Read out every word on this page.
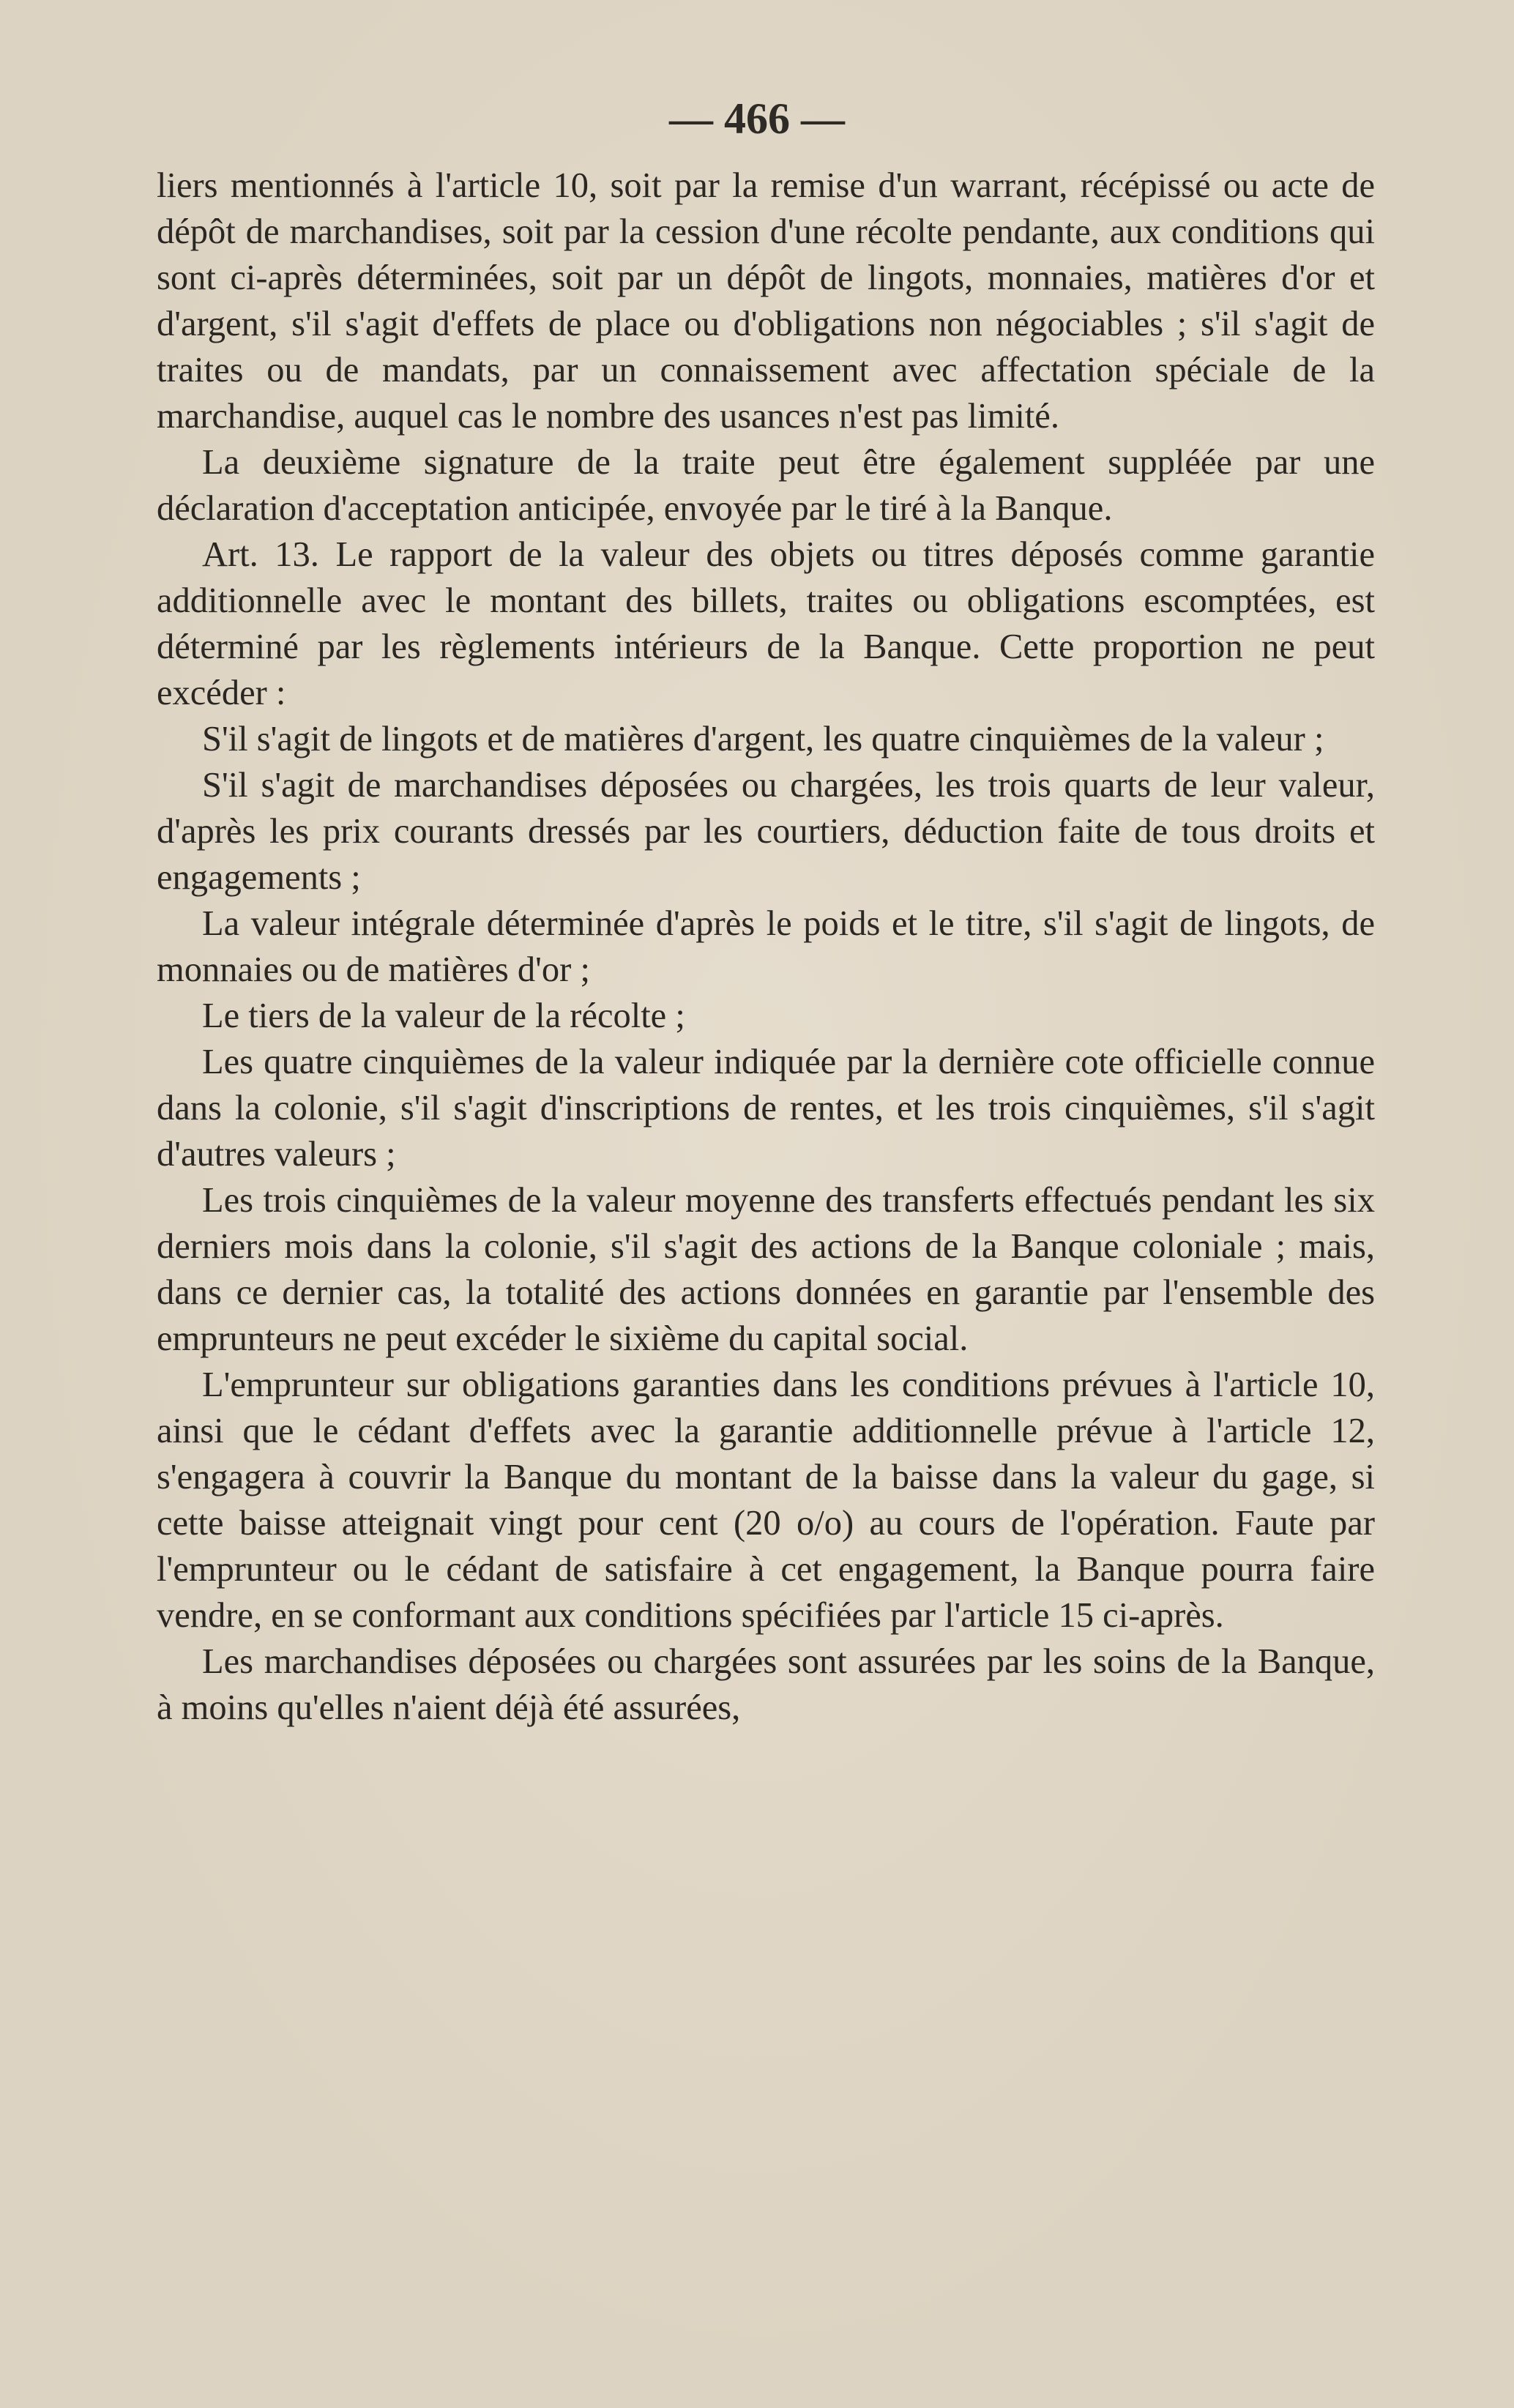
— 466 —

liers mentionnés à l'article 10, soit par la remise d'un warrant, récépissé ou acte de dépôt de marchandises, soit par la cession d'une récolte pendante, aux conditions qui sont ci-après déterminées, soit par un dépôt de lingots, monnaies, matières d'or et d'argent, s'il s'agit d'effets de place ou d'obligations non négociables ; s'il s'agit de traites ou de mandats, par un connaissement avec affectation spéciale de la marchandise, auquel cas le nombre des usances n'est pas limité.

La deuxième signature de la traite peut être également suppléée par une déclaration d'acceptation anticipée, envoyée par le tiré à la Banque.

Art. 13. Le rapport de la valeur des objets ou titres déposés comme garantie additionnelle avec le montant des billets, traites ou obligations escomptées, est déterminé par les règlements intérieurs de la Banque. Cette proportion ne peut excéder :

S'il s'agit de lingots et de matières d'argent, les quatre cinquièmes de la valeur ;

S'il s'agit de marchandises déposées ou chargées, les trois quarts de leur valeur, d'après les prix courants dressés par les courtiers, déduction faite de tous droits et engagements ;

La valeur intégrale déterminée d'après le poids et le titre, s'il s'agit de lingots, de monnaies ou de matières d'or ;

Le tiers de la valeur de la récolte ;

Les quatre cinquièmes de la valeur indiquée par la dernière cote officielle connue dans la colonie, s'il s'agit d'inscriptions de rentes, et les trois cinquièmes, s'il s'agit d'autres valeurs ;

Les trois cinquièmes de la valeur moyenne des transferts effectués pendant les six derniers mois dans la colonie, s'il s'agit des actions de la Banque coloniale ; mais, dans ce dernier cas, la totalité des actions données en garantie par l'ensemble des emprunteurs ne peut excéder le sixième du capital social.

L'emprunteur sur obligations garanties dans les conditions prévues à l'article 10, ainsi que le cédant d'effets avec la garantie additionnelle prévue à l'article 12, s'engagera à couvrir la Banque du montant de la baisse dans la valeur du gage, si cette baisse atteignait vingt pour cent (20 o/o) au cours de l'opération. Faute par l'emprunteur ou le cédant de satisfaire à cet engagement, la Banque pourra faire vendre, en se conformant aux conditions spécifiées par l'article 15 ci-après.

Les marchandises déposées ou chargées sont assurées par les soins de la Banque, à moins qu'elles n'aient déjà été assurées,
